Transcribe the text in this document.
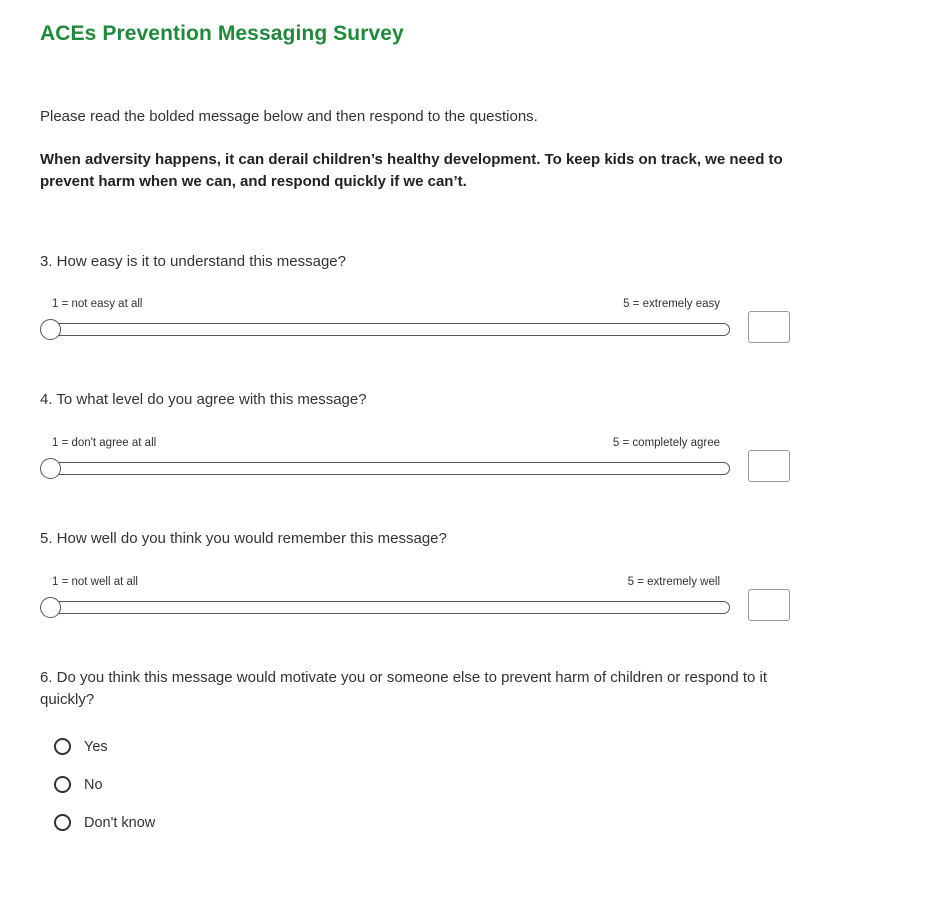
ACEs Prevention Messaging Survey
Please read the bolded message below and then respond to the questions.
When adversity happens, it can derail children’s healthy development. To keep kids on track, we need to prevent harm when we can, and respond quickly if we can’t.
3. How easy is it to understand this message?
1 = not easy at all	5 = extremely easy
4. To what level do you agree with this message?
1 = don't agree at all	5 = completely agree
5. How well do you think you would remember this message?
1 = not well at all	5 = extremely well
6. Do you think this message would motivate you or someone else to prevent harm of children or respond to it quickly?
Yes
No
Don't know
